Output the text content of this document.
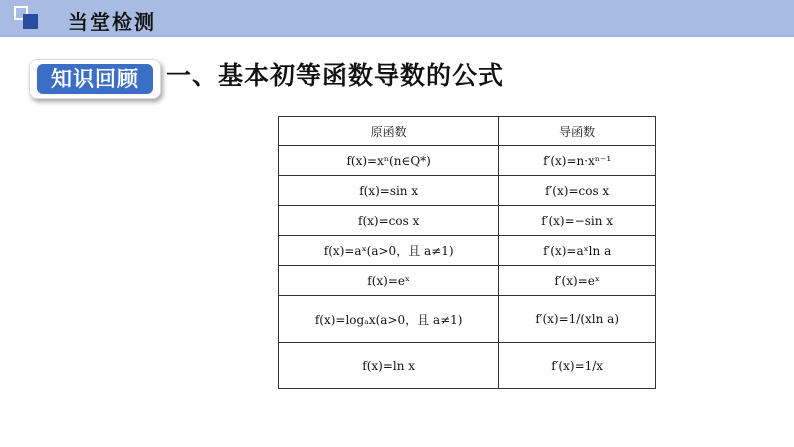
当堂检测
知识回顾	一、基本初等函数导数的公式
原函数	导函数
f(x)=xⁿ(n∈Q*)	f′(x)=n·xⁿ⁻¹
f(x)=sin x	f′(x)=cos x
f(x)=cos x	f′(x)=−sin x
f(x)=aˣ(a>0，且 a≠1)	f′(x)=aˣln a
f(x)=eˣ	f′(x)=eˣ
f(x)=logₐx(a>0，且 a≠1)	f′(x)=1/(xln a)
f(x)=ln x	f′(x)=1/x
